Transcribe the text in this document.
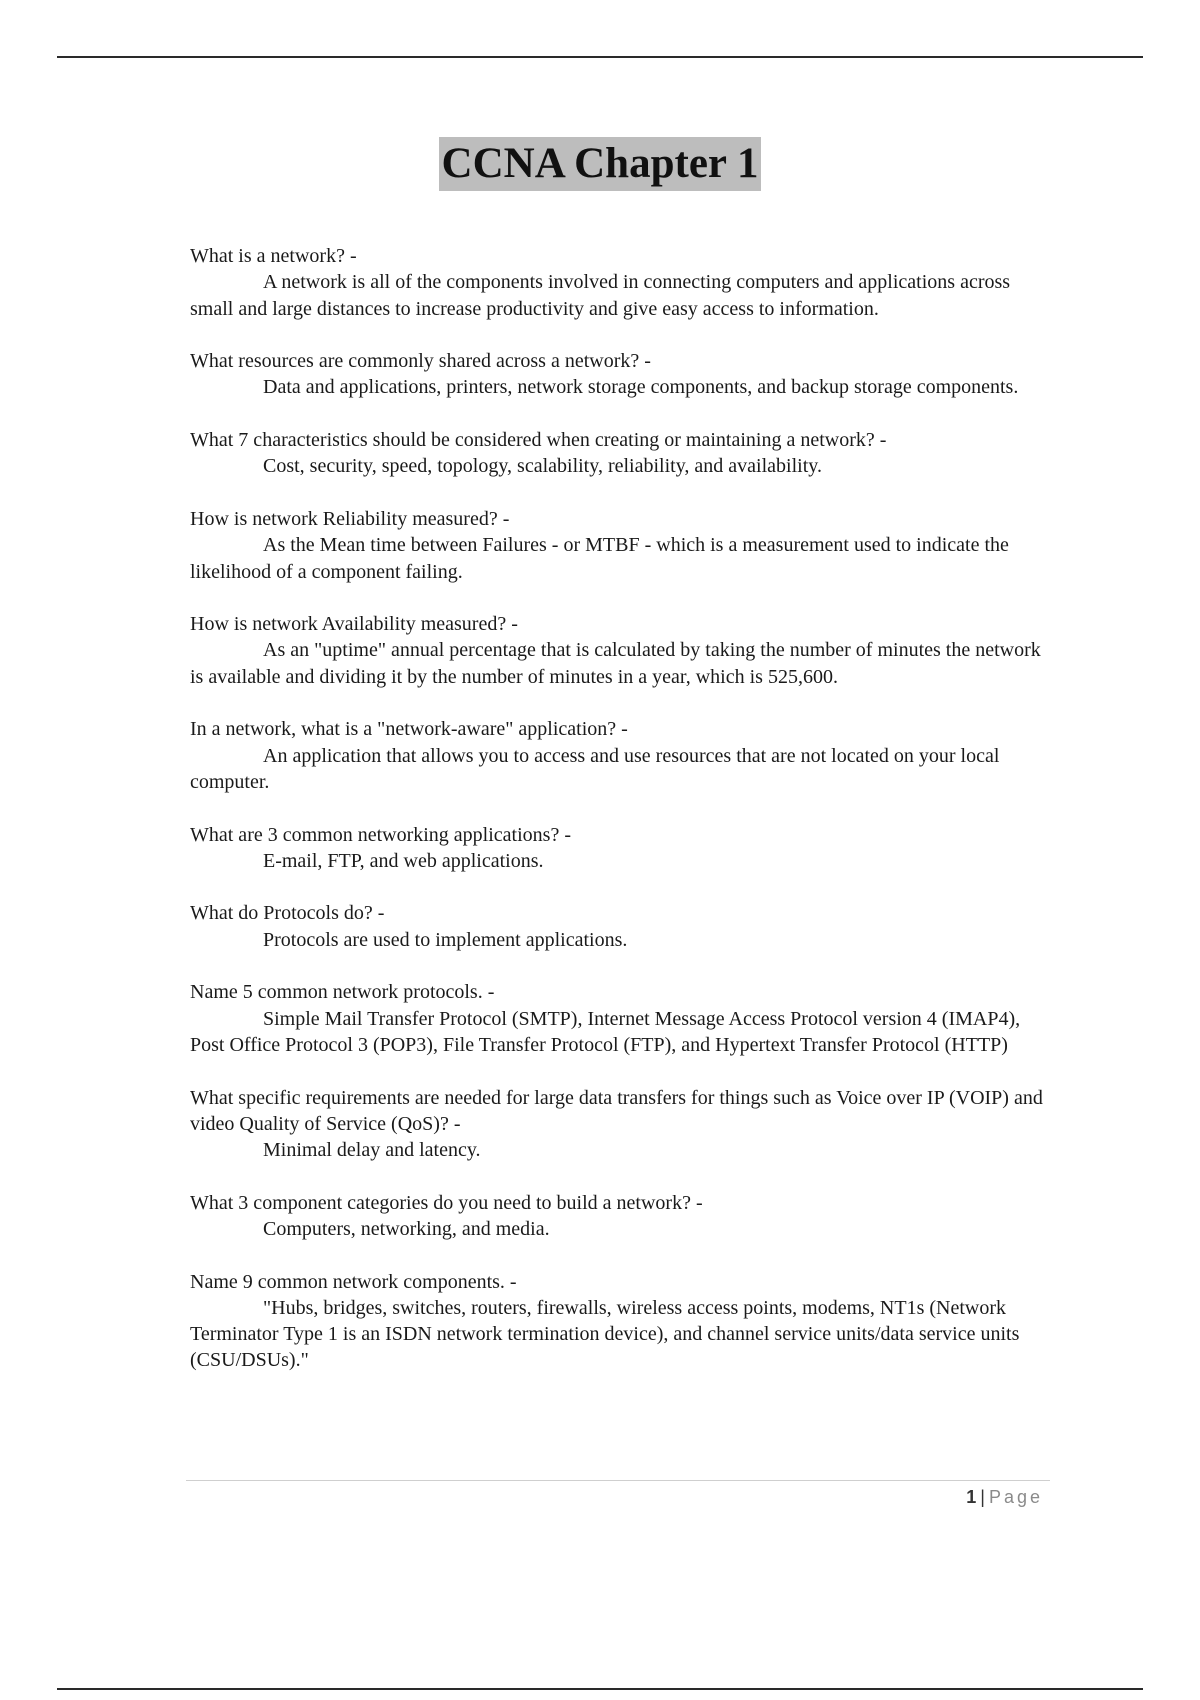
CCNA Chapter 1

What is a network? -

A network is all of the components involved in connecting computers and applications across small and large distances to increase productivity and give easy access to information.

What resources are commonly shared across a network? -

Data and applications, printers, network storage components, and backup storage components.

What 7 characteristics should be considered when creating or maintaining a network? -

Cost, security, speed, topology, scalability, reliability, and availability.

How is network Reliability measured? -

As the Mean time between Failures - or MTBF - which is a measurement used to indicate the likelihood of a component failing.

How is network Availability measured? -

As an "uptime" annual percentage that is calculated by taking the number of minutes the network is available and dividing it by the number of minutes in a year, which is 525,600.

In a network, what is a "network-aware" application? -

An application that allows you to access and use resources that are not located on your local computer.

What are 3 common networking applications? -

E-mail, FTP, and web applications.

What do Protocols do? -

Protocols are used to implement applications.

Name 5 common network protocols. -

Simple Mail Transfer Protocol (SMTP), Internet Message Access Protocol version 4 (IMAP4), Post Office Protocol 3 (POP3), File Transfer Protocol (FTP), and Hypertext Transfer Protocol (HTTP)

What specific requirements are needed for large data transfers for things such as Voice over IP (VOIP) and video Quality of Service (QoS)? -

Minimal delay and latency.

What 3 component categories do you need to build a network? -

Computers, networking, and media.

Name 9 common network components. -

"Hubs, bridges, switches, routers, firewalls, wireless access points, modems, NT1s (Network Terminator Type 1 is an ISDN network termination device), and channel service units/data service units (CSU/DSUs)."

1 | Page
